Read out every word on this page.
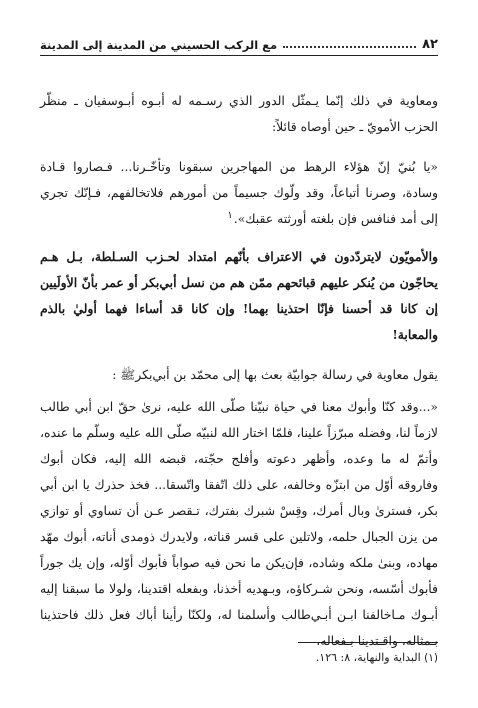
٨٢
مع الركب الحسيني من المدينة إلى المدينة

ومعاوية في ذلك إنّما يـمثّل الدور الذي رسـمه له أبـوه أبـوسفيان ـ منظّر الحزب الأمويّ ـ حين أوصاه قائلاً:

«يا بُنيّ إنّ هؤلاء الرهط من المهاجرين سبقونا وتأخّـرنا... فـصاروا قـادة وسادة، وصرنا أتباعاً، وقد ولّوك جسيماً من أمورهم فلاتخالفهم، فـإنّك تجري إلى أمد فنافس فإن بلغته أورثته عقبك».$^١$

والأمويّون لايتردّدون في الاعتراف بأنّهم امتداد لحـزب السـلطة، بـل هـم يحاجّون من يُنكر عليهم قبائحهم ممّن هم من نسل أبي‌بكر أو عمر بأنّ الأولَيين إن كانا قد أحسنا فإنّا احتذينا بهما! وإن كانا قد أساءا فهما أوليٰ بالذم والمعابة!

يقول معاوية في رسالة جوابيّة بعث بها إلى محمّد بن أبي‌بكرﷺ :

«...وقد كنّا وأبوك معنا في حياة نبيّنا صلّى الله عليه، نرىٰ حقّ ابن أبي طالب لازماً لنا، وفضله مبرّزاً علينا، فلمّا اختار الله لنبيّه صلّى الله عليه وسلّم ما عنده، وأتمّ له ما وعده، وأظهر دعوته وأفلج حجّته، قبضه الله إليه، فكان أبوك وفاروقه أوّل من ابتزّه وخالفه، على ذلك اتّفقا واتّسقا... فخذ حذرك يا ابن أبي بكر، فسترىٰ وبال أمرك، وقِسْ شبرك بفترك، تـقصر عـن أن تساوي أو توازي من يزن الجبال حلمه، ولاتلين على قسر قناته، ولايدرك ذومدى أناته، أبوك مهّد مهاده، وبنىٰ ملكه وشاده، فإن‌يكن ما نحن فيه صواباً فأبوك أوّله، وإن يك جوراً فأبوك أسّسه، ونحن شـركاؤه، وبـهديه أخذنا، وبفعله اقتدينا، ولولا ما سبقنا إليه أبـوك مـاخالفنا ابـن أبـي‌طالب وأسلمنا له، ولكنّا رأينا أباك فعل ذلك فاحتذينا بـمثاله، واقـتدينا بـفعاله،

(١) البداية والنهاية، ٨: ١٢٦.
